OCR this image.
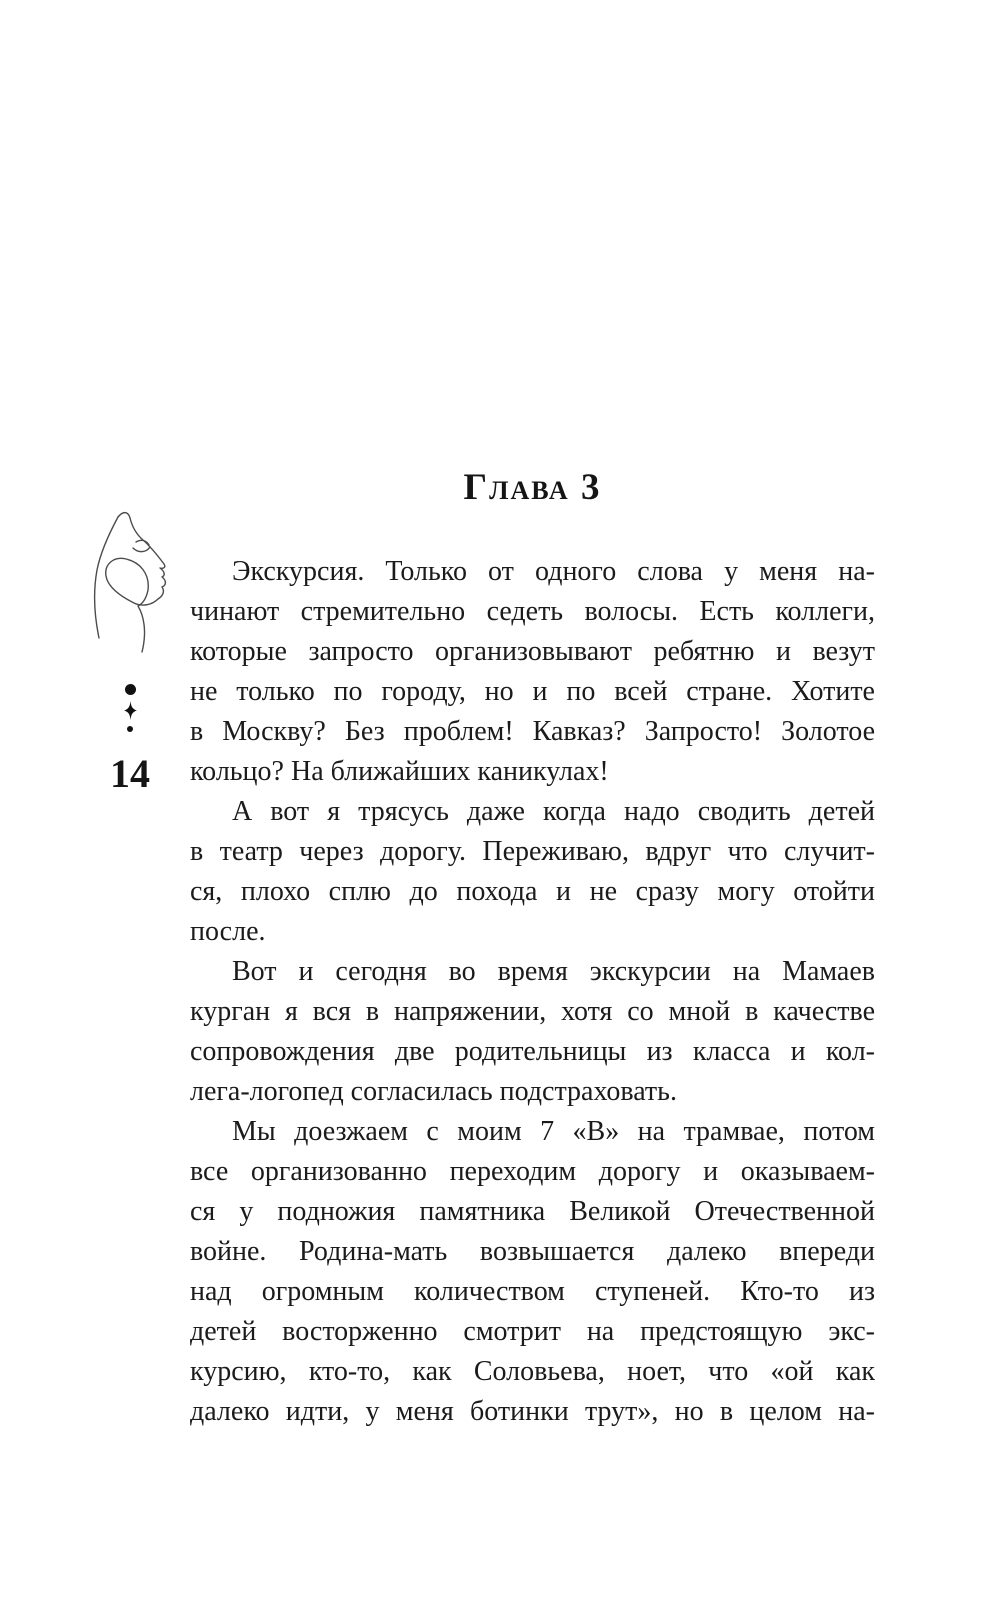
14
Глава 3
Экскурсия. Только от одного слова у меня на-
чинают стремительно седеть волосы. Есть коллеги,
которые запросто организовывают ребятню и везут
не только по городу, но и по всей стране. Хотите
в Москву? Без проблем! Кавказ? Запросто! Золотое
кольцо? На ближайших каникулах!
А вот я трясусь даже когда надо сводить детей
в театр через дорогу. Переживаю, вдруг что случит-
ся, плохо сплю до похода и не сразу могу отойти
после.
Вот и сегодня во время экскурсии на Мамаев
курган я вся в напряжении, хотя со мной в качестве
сопровождения две родительницы из класса и кол-
лега-логопед согласилась подстраховать.
Мы доезжаем с моим 7 «В» на трамвае, потом
все организованно переходим дорогу и оказываем-
ся у подножия памятника Великой Отечественной
войне. Родина-мать возвышается далеко впереди
над огромным количеством ступеней. Кто-то из
детей восторженно смотрит на предстоящую экс-
курсию, кто-то, как Соловьева, ноет, что «ой как
далеко идти, у меня ботинки трут», но в целом на-
